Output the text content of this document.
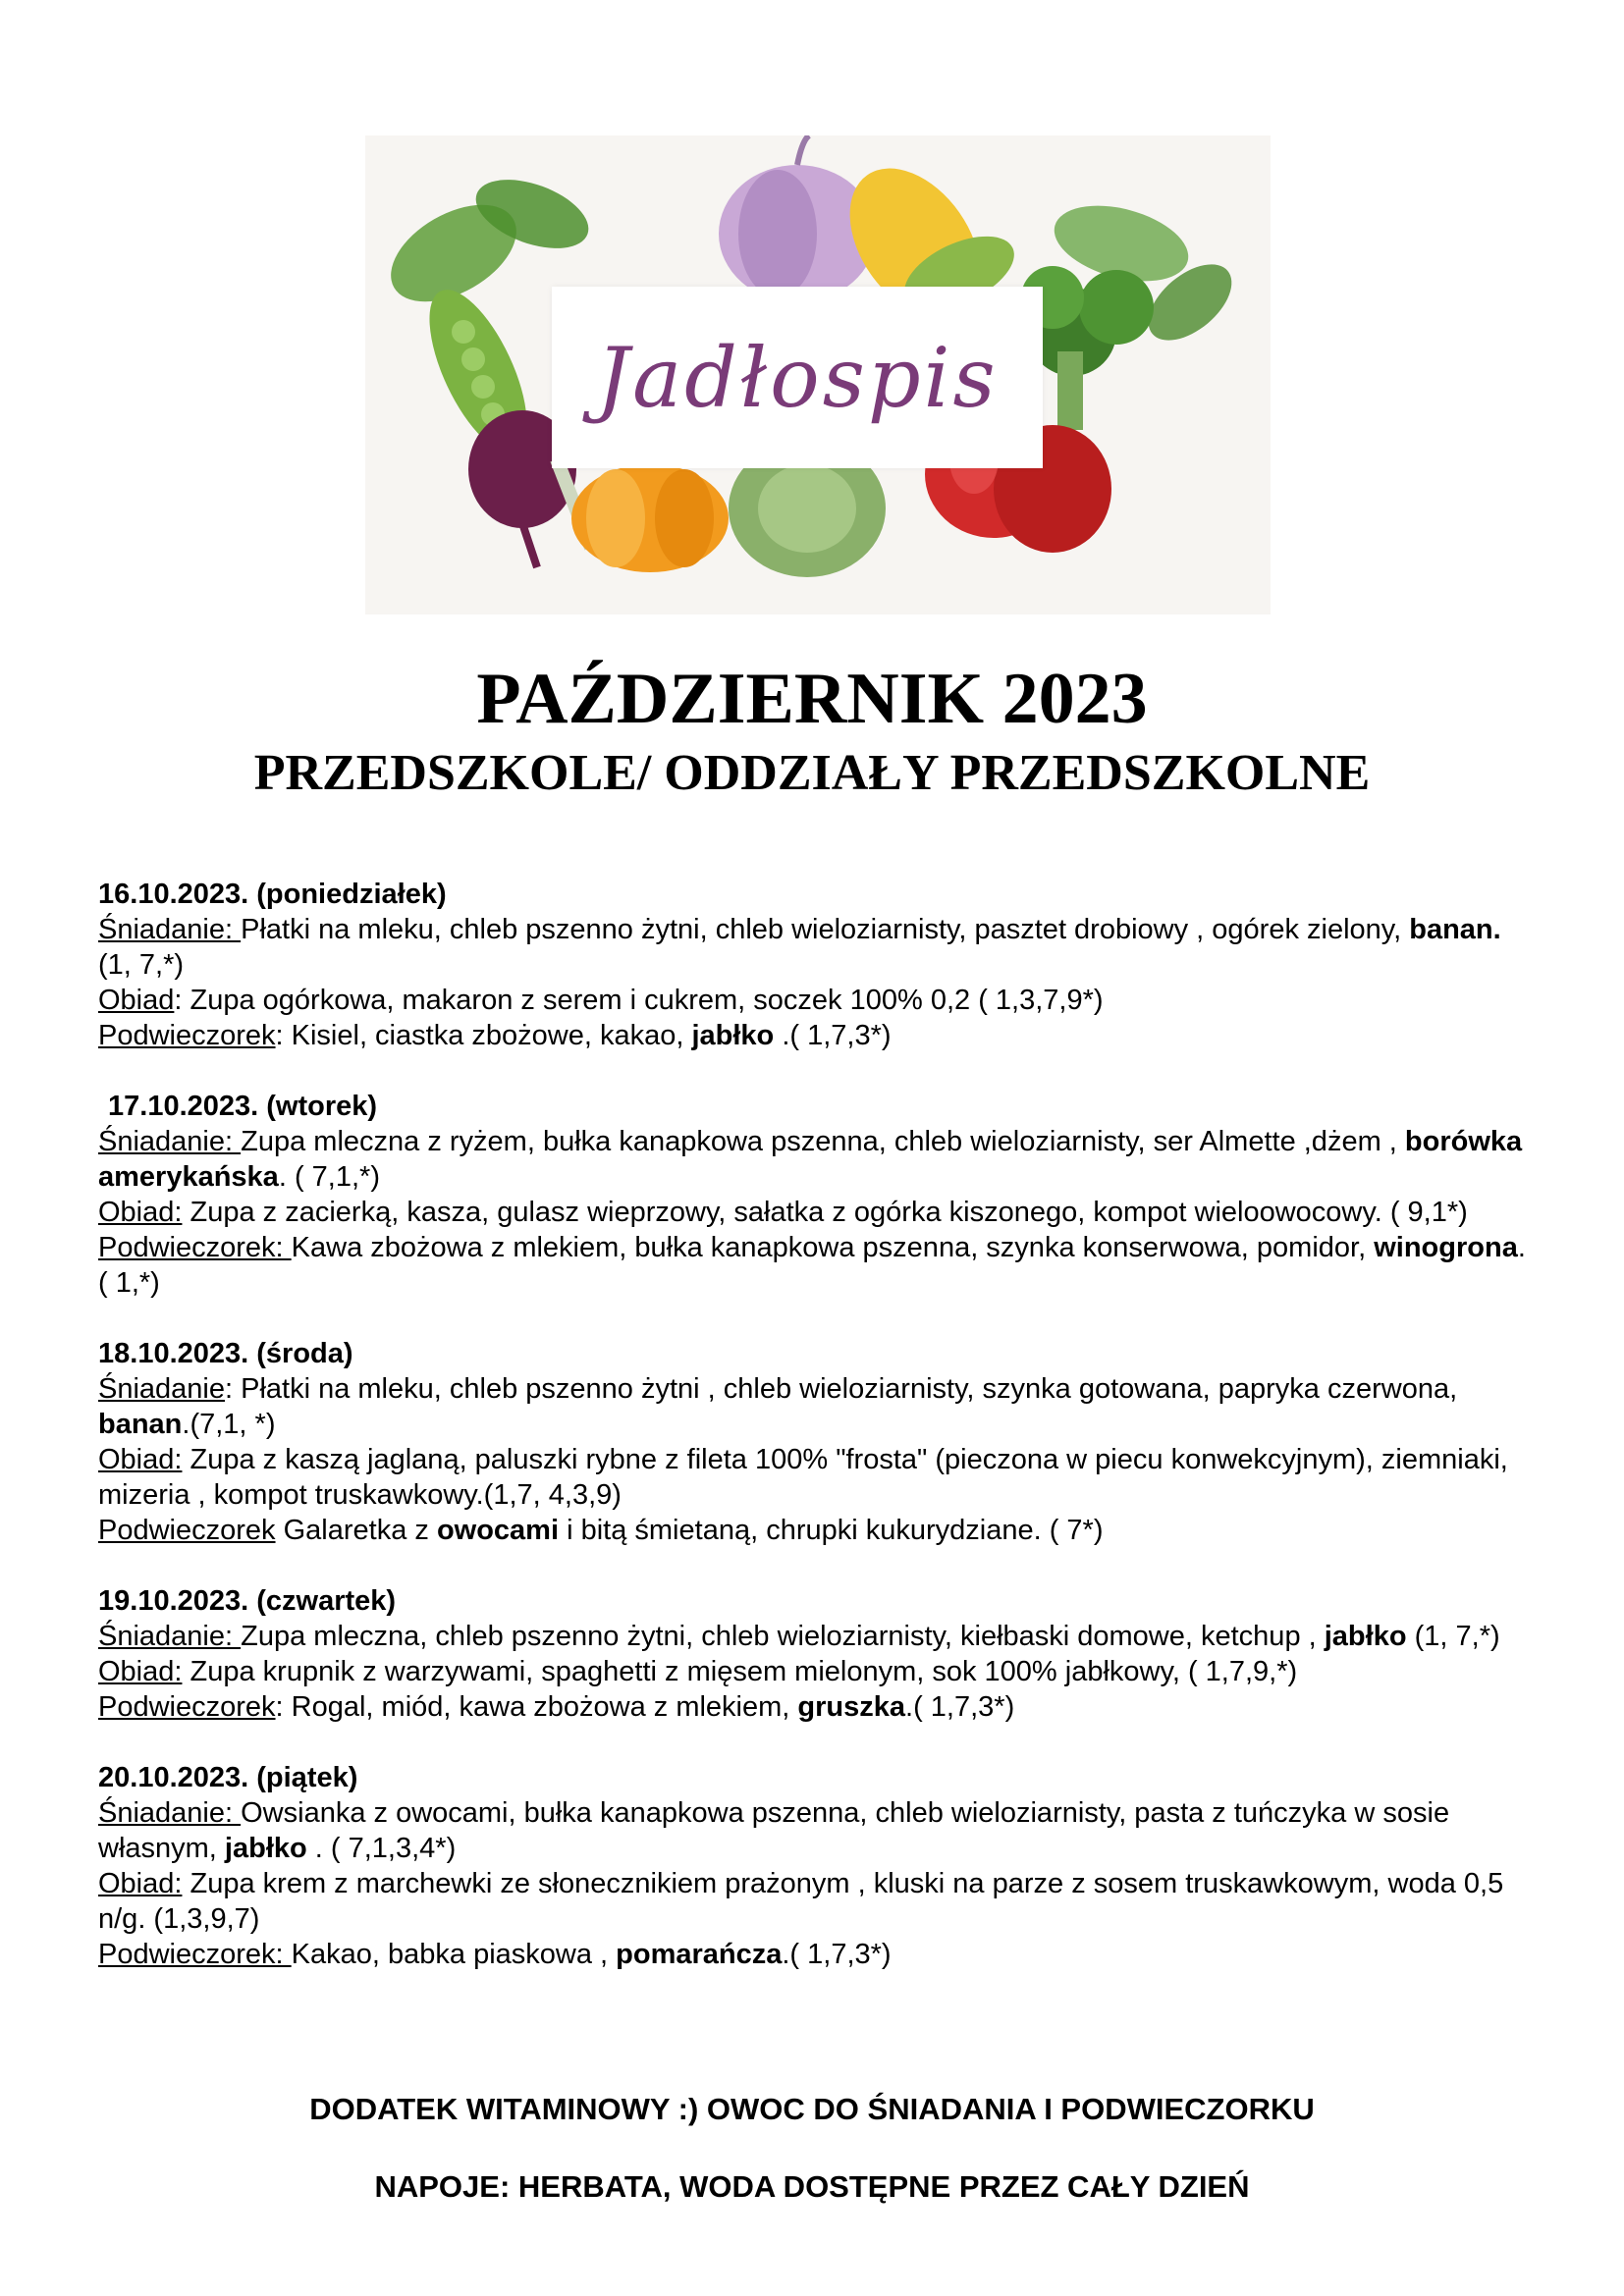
Jadłospis
PAŹDZIERNIK 2023
PRZEDSZKOLE/ ODDZIAŁY PRZEDSZKOLNE
16.10.2023. (poniedziałek)
Śniadanie: Płatki na mleku, chleb pszenno żytni, chleb wieloziarnisty, pasztet drobiowy , ogórek zielony, banan. (1, 7,*)
Obiad: Zupa ogórkowa, makaron z serem i cukrem, soczek 100% 0,2 ( 1,3,7,9*)
Podwieczorek: Kisiel, ciastka zbożowe, kakao, jabłko .( 1,7,3*)
17.10.2023. (wtorek)
Śniadanie: Zupa mleczna z ryżem, bułka kanapkowa pszenna, chleb wieloziarnisty, ser Almette ,dżem , borówka amerykańska. ( 7,1,*)
Obiad: Zupa z zacierką, kasza, gulasz wieprzowy, sałatka z ogórka kiszonego, kompot wieloowocowy. ( 9,1*)
Podwieczorek: Kawa zbożowa z mlekiem, bułka kanapkowa pszenna, szynka konserwowa, pomidor, winogrona.( 1,*)
18.10.2023. (środa)
Śniadanie: Płatki na mleku, chleb pszenno żytni , chleb wieloziarnisty, szynka gotowana, papryka czerwona, banan.(7,1, *)
Obiad: Zupa z kaszą jaglaną, paluszki rybne z fileta 100% "frosta" (pieczona w piecu konwekcyjnym), ziemniaki, mizeria , kompot truskawkowy.(1,7, 4,3,9)
Podwieczorek Galaretka z owocami i bitą śmietaną, chrupki kukurydziane. ( 7*)
19.10.2023. (czwartek)
Śniadanie: Zupa mleczna, chleb pszenno żytni, chleb wieloziarnisty, kiełbaski domowe, ketchup , jabłko (1, 7,*)
Obiad: Zupa krupnik z warzywami, spaghetti z mięsem mielonym, sok 100% jabłkowy, ( 1,7,9,*)
Podwieczorek: Rogal, miód, kawa zbożowa z mlekiem, gruszka.( 1,7,3*)
20.10.2023. (piątek)
Śniadanie: Owsianka z owocami, bułka kanapkowa pszenna, chleb wieloziarnisty, pasta z tuńczyka w sosie własnym, jabłko . ( 7,1,3,4*)
Obiad: Zupa krem z marchewki ze słonecznikiem prażonym , kluski na parze z sosem truskawkowym, woda 0,5 n/g. (1,3,9,7)
Podwieczorek: Kakao, babka piaskowa , pomarańcza.( 1,7,3*)
DODATEK WITAMINOWY :) OWOC DO ŚNIADANIA I PODWIECZORKU
NAPOJE: HERBATA, WODA DOSTĘPNE PRZEZ CAŁY DZIEŃ
